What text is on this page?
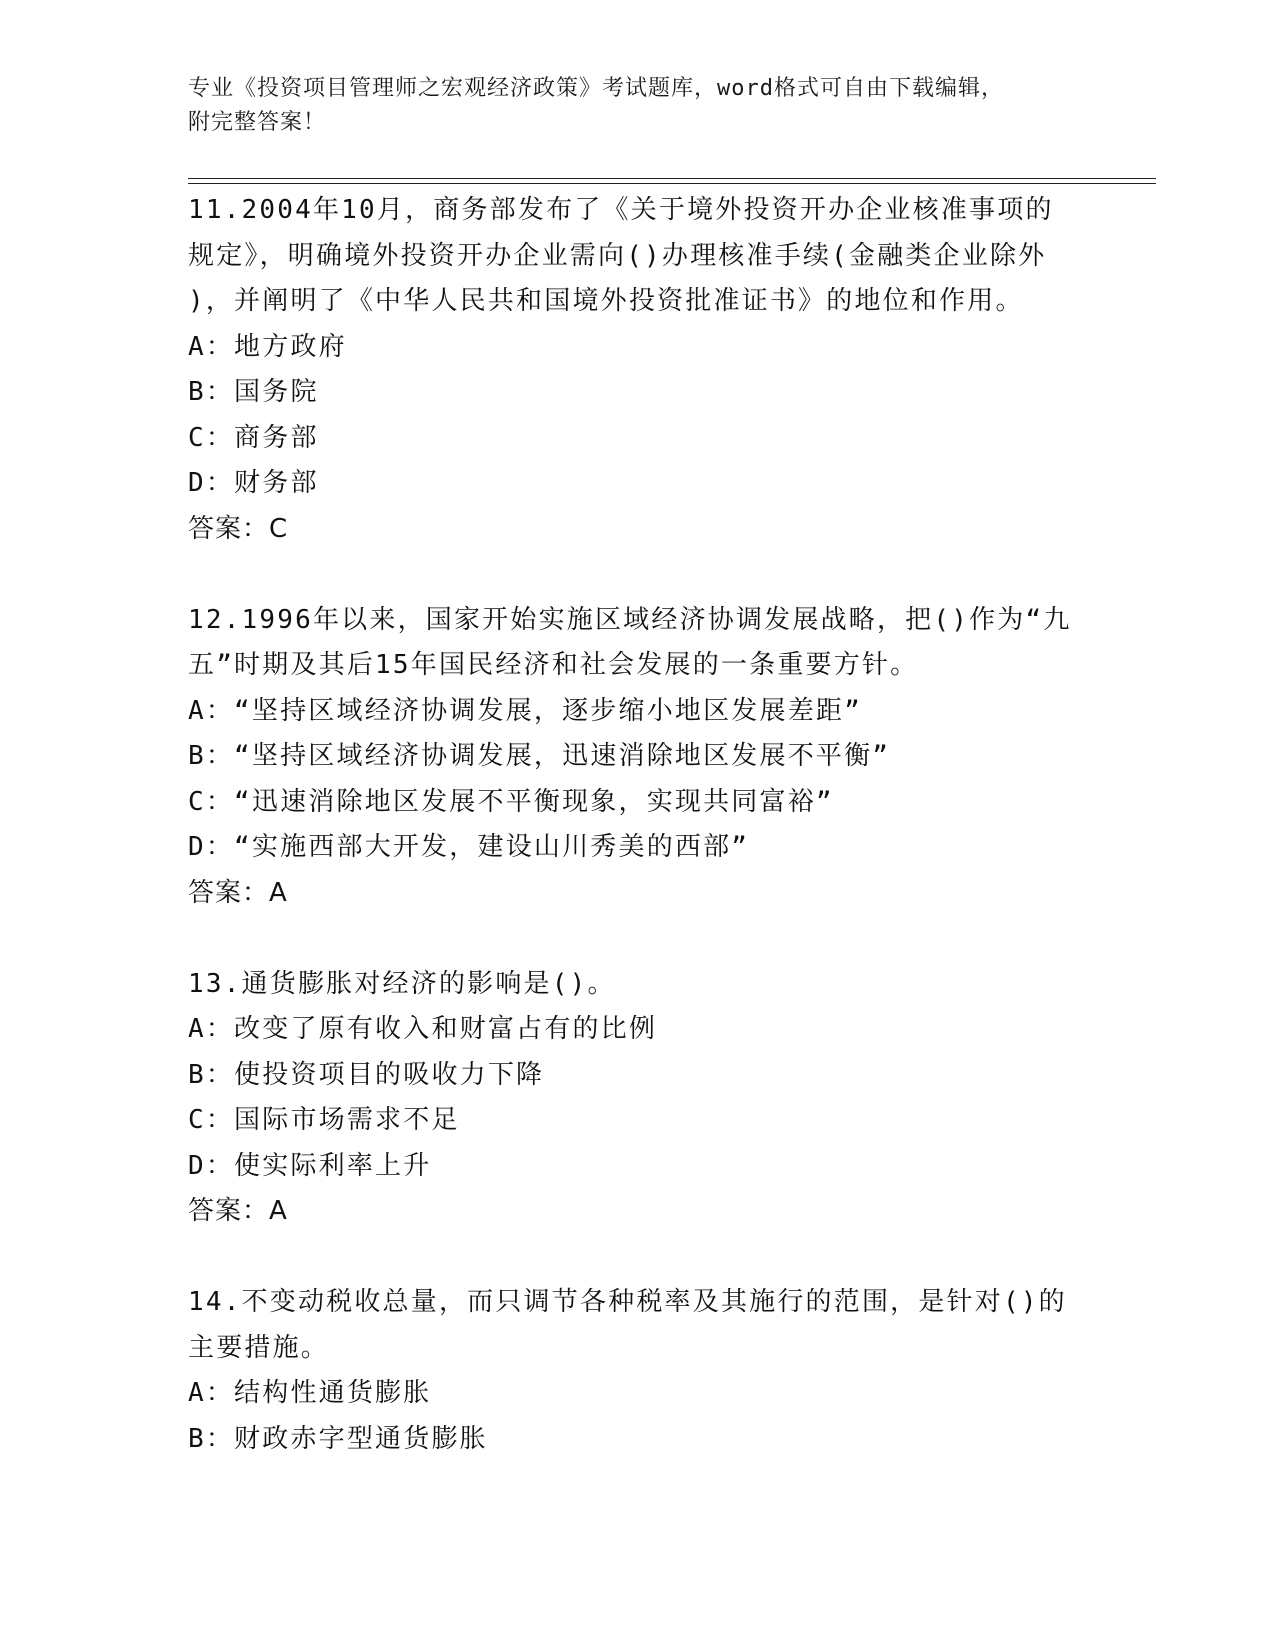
专业《投资项目管理师之宏观经济政策》考试题库，word格式可自由下载编辑，
附完整答案！
11.2004年10月，商务部发布了《关于境外投资开办企业核准事项的
规定》，明确境外投资开办企业需向()办理核准手续(金融类企业除外
)，并阐明了《中华人民共和国境外投资批准证书》的地位和作用。
A：地方政府
B：国务院
C：商务部
D：财务部
答案：C
12.1996年以来，国家开始实施区域经济协调发展战略，把()作为“九
五”时期及其后15年国民经济和社会发展的一条重要方针。
A：“坚持区域经济协调发展，逐步缩小地区发展差距”
B：“坚持区域经济协调发展，迅速消除地区发展不平衡”
C：“迅速消除地区发展不平衡现象，实现共同富裕”
D：“实施西部大开发，建设山川秀美的西部”
答案：A
13.通货膨胀对经济的影响是()。
A：改变了原有收入和财富占有的比例
B：使投资项目的吸收力下降
C：国际市场需求不足
D：使实际利率上升
答案：A
14.不变动税收总量，而只调节各种税率及其施行的范围，是针对()的
主要措施。
A：结构性通货膨胀
B：财政赤字型通货膨胀
